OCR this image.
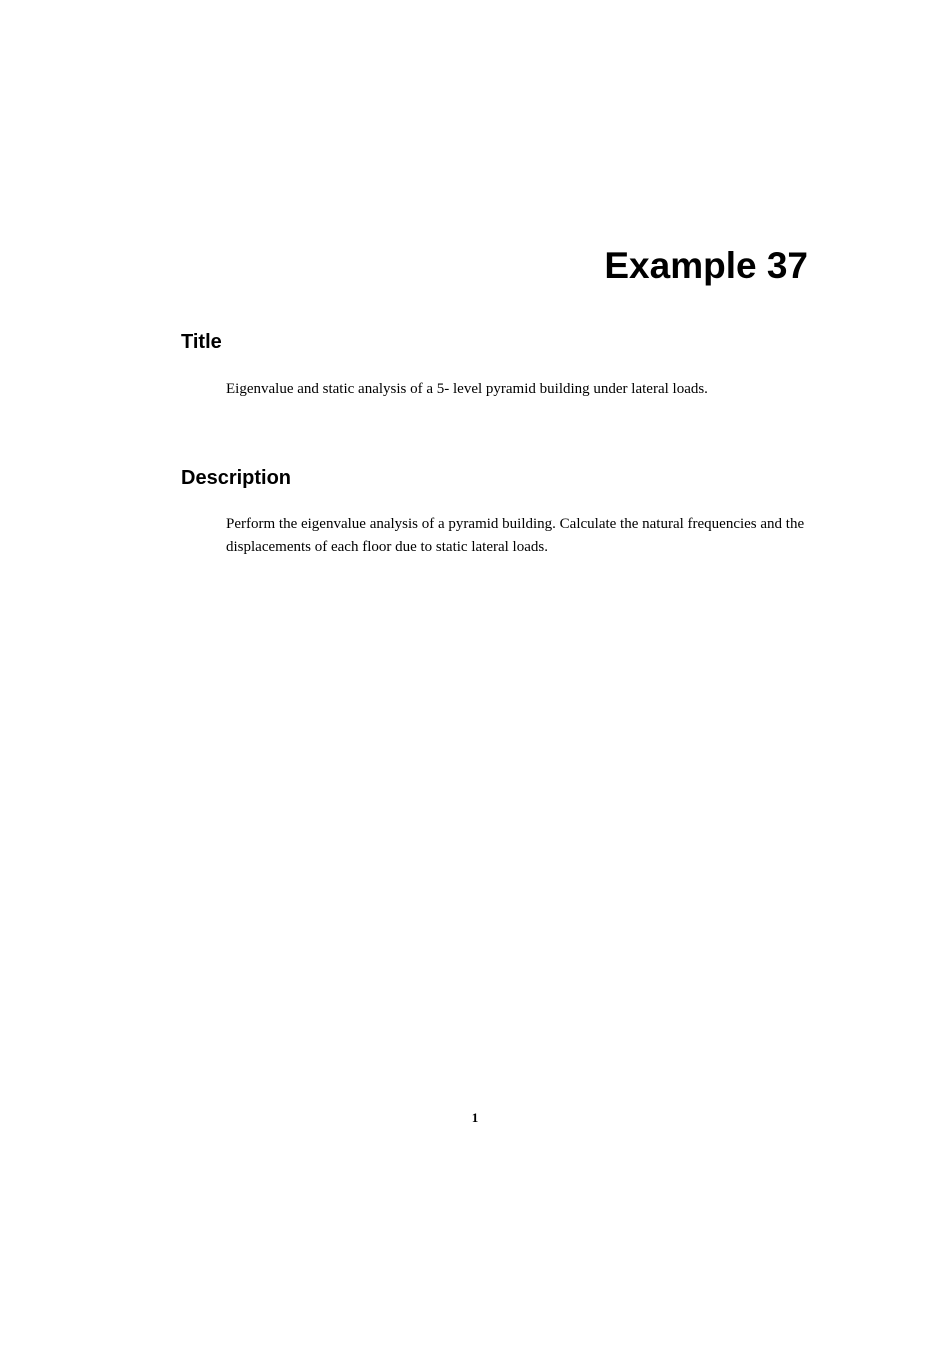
Example 37
Title

Eigenvalue and static analysis of a 5- level pyramid building under lateral loads.

Description

Perform the eigenvalue analysis of a pyramid building. Calculate the natural frequencies and the displacements of each floor due to static lateral loads.

1
